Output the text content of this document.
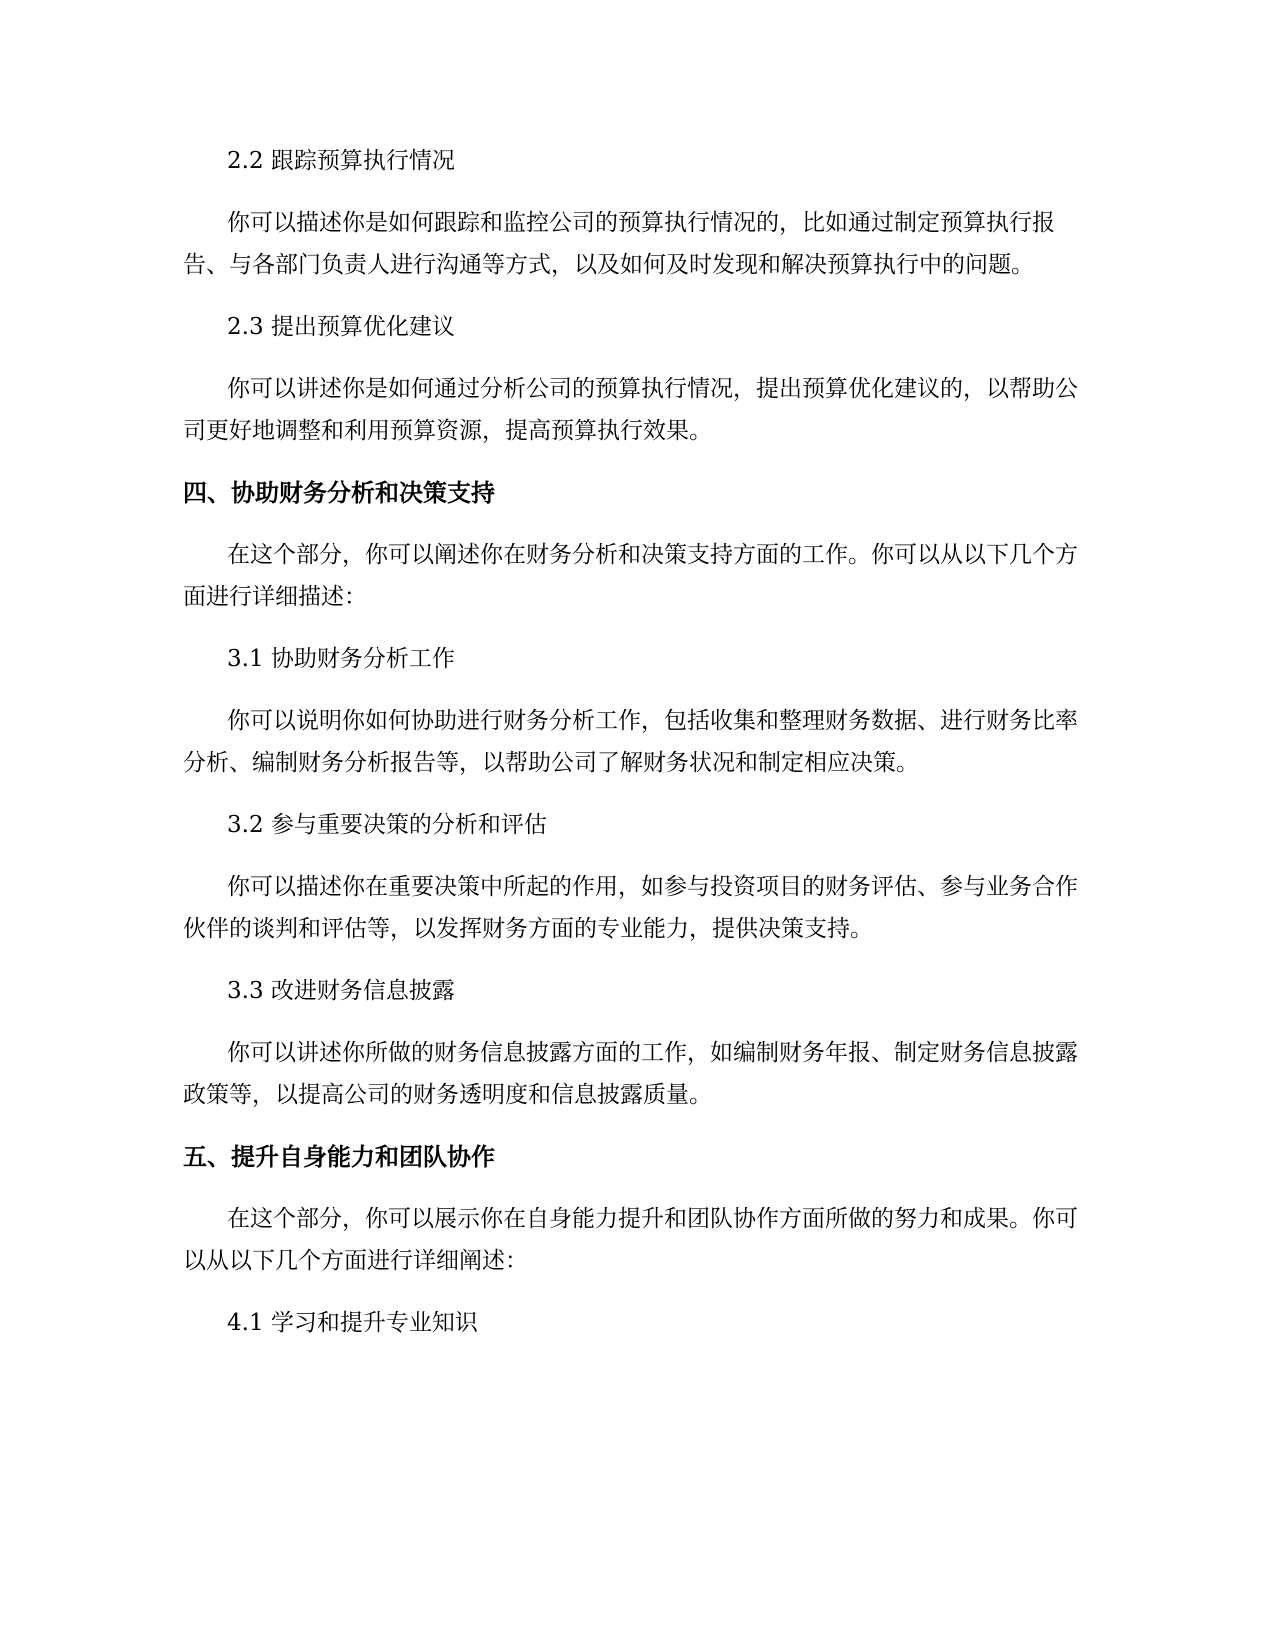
2.2 跟踪预算执行情况

你可以描述你是如何跟踪和监控公司的预算执行情况的，比如通过制定预算执行报告、与各部门负责人进行沟通等方式，以及如何及时发现和解决预算执行中的问题。

2.3 提出预算优化建议

你可以讲述你是如何通过分析公司的预算执行情况，提出预算优化建议的，以帮助公司更好地调整和利用预算资源，提高预算执行效果。

四、协助财务分析和决策支持

在这个部分，你可以阐述你在财务分析和决策支持方面的工作。你可以从以下几个方面进行详细描述：

3.1 协助财务分析工作

你可以说明你如何协助进行财务分析工作，包括收集和整理财务数据、进行财务比率分析、编制财务分析报告等，以帮助公司了解财务状况和制定相应决策。

3.2 参与重要决策的分析和评估

你可以描述你在重要决策中所起的作用，如参与投资项目的财务评估、参与业务合作伙伴的谈判和评估等，以发挥财务方面的专业能力，提供决策支持。

3.3 改进财务信息披露

你可以讲述你所做的财务信息披露方面的工作，如编制财务年报、制定财务信息披露政策等，以提高公司的财务透明度和信息披露质量。

五、提升自身能力和团队协作

在这个部分，你可以展示你在自身能力提升和团队协作方面所做的努力和成果。你可以从以下几个方面进行详细阐述：

4.1 学习和提升专业知识
